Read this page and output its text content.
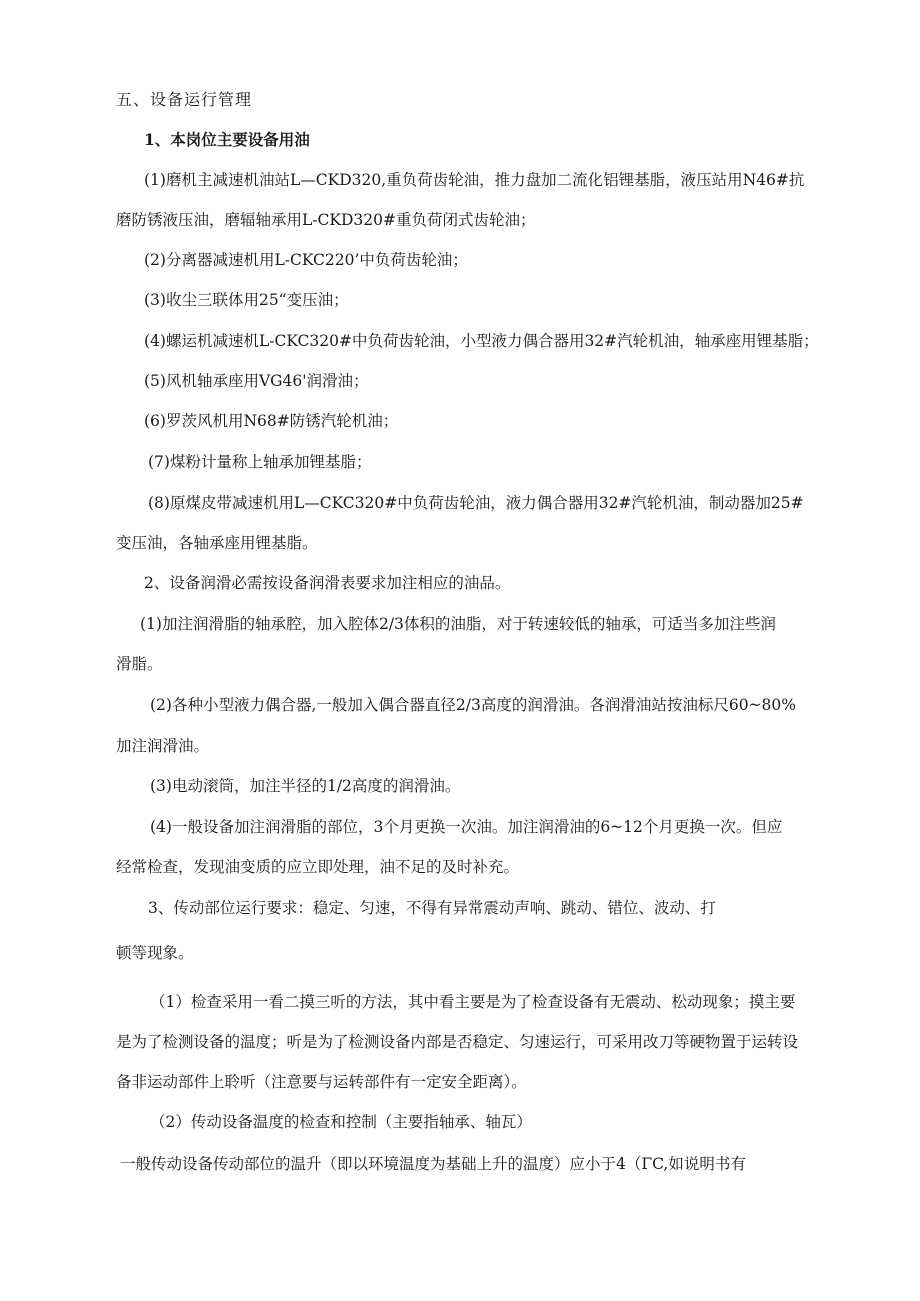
五、设备运行管理
1、本岗位主要设备用油
(1)磨机主减速机油站L—CKD320,重负荷齿轮油，推力盘加二流化铝锂基脂，液压站用N46#抗
磨防锈液压油，磨辐轴承用L-CKD320#重负荷闭式齿轮油；
(2)分离器减速机用L-CKC220’中负荷齿轮油；
(3)收尘三联体用25“变压油；
(4)螺运机减速机L-CKC320#中负荷齿轮油，小型液力偶合器用32#汽轮机油，轴承座用锂基脂；
(5)风机轴承座用VG46'润滑油；
(6)罗茨风机用N68#防锈汽轮机油；
(7)煤粉计量称上轴承加锂基脂；
(8)原煤皮带减速机用L—CKC320#中负荷齿轮油，液力偶合器用32#汽轮机油，制动器加25#
变压油，各轴承座用锂基脂。
2、设备润滑必需按设备润滑表要求加注相应的油品。
(1)加注润滑脂的轴承腔，加入腔体2/3体积的油脂，对于转速较低的轴承，可适当多加注些润
滑脂。
(2)各种小型液力偶合器,一般加入偶合器直径2/3高度的润滑油。各润滑油站按油标尺60~80%
加注润滑油。
(3)电动滚筒，加注半径的1/2高度的润滑油。
(4)一般设备加注润滑脂的部位，3个月更换一次油。加注润滑油的6~12个月更换一次。但应
经常检查，发现油变质的应立即处理，油不足的及时补充。
3、传动部位运行要求：稳定、匀速，不得有异常震动声响、跳动、错位、波动、打
顿等现象。
（1）检查采用一看二摸三听的方法，其中看主要是为了检查设备有无震动、松动现象；摸主要
是为了检测设备的温度；听是为了检测设备内部是否稳定、匀速运行，可采用改刀等硬物置于运转设
备非运动部件上聆听（注意要与运转部件有一定安全距离）。
（2）传动设备温度的检查和控制（主要指轴承、轴瓦）
一般传动设备传动部位的温升（即以环境温度为基础上升的温度）应小于4（ΓC,如说明书有
